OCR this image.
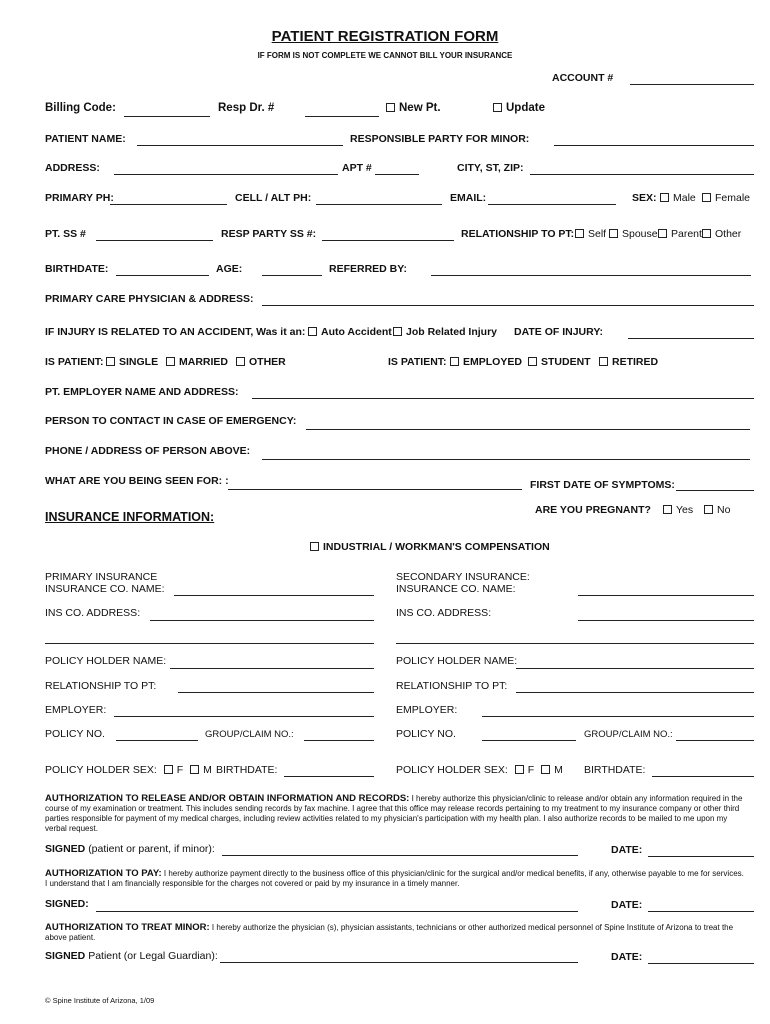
PATIENT REGISTRATION FORM
IF FORM IS NOT COMPLETE WE CANNOT BILL YOUR INSURANCE
ACCOUNT #
Billing Code:	Resp Dr. #	New Pt.	Update
PATIENT NAME:	RESPONSIBLE PARTY FOR MINOR:
ADDRESS:	APT #	CITY, ST, ZIP:
PRIMARY PH:	CELL / ALT PH:	EMAIL:	SEX:	Male	Female
PT. SS #	RESP PARTY SS #:	RELATIONSHIP TO PT:	Self	Spouse	Parent	Other
BIRTHDATE:	AGE:	REFERRED BY:
PRIMARY CARE PHYSICIAN & ADDRESS:
IF INJURY IS RELATED TO AN ACCIDENT, Was it an:	Auto Accident	Job Related Injury DATE OF INJURY:
IS PATIENT:	SINGLE	MARRIED	OTHER	IS PATIENT:	EMPLOYED	STUDENT	RETIRED
PT. EMPLOYER NAME AND ADDRESS:
PERSON TO CONTACT IN CASE OF EMERGENCY:
PHONE / ADDRESS OF PERSON ABOVE:
WHAT ARE YOU BEING SEEN FOR: :	FIRST DATE OF SYMPTOMS:
INSURANCE INFORMATION:	ARE YOU PREGNANT?	Yes	No
INDUSTRIAL / WORKMAN'S COMPENSATION
PRIMARY INSURANCE
INSURANCE CO. NAME:
INS CO. ADDRESS:
POLICY HOLDER NAME:
RELATIONSHIP TO PT:
EMPLOYER:
POLICY NO.	GROUP/CLAIM NO.:
POLICY HOLDER SEX: F M BIRTHDATE:
SECONDARY INSURANCE:
INSURANCE CO. NAME:
INS CO. ADDRESS:
POLICY HOLDER NAME:
RELATIONSHIP TO PT:
EMPLOYER:
POLICY NO.	GROUP/CLAIM NO.:
POLICY HOLDER SEX: F M BIRTHDATE:
AUTHORIZATION TO RELEASE AND/OR OBTAIN INFORMATION AND RECORDS: I hereby authorize this physician/clinic to release and/or obtain any information required in the course of my examination or treatment. This includes sending records by fax machine. I agree that this office may release records pertaining to my treatment to my insurance company or other third parties responsible for payment of my medical charges, including review activities related to my physician's participation with my health plan. I also authorize records to be mailed to me upon my verbal request.
SIGNED (patient or parent, if minor):	DATE:
AUTHORIZATION TO PAY: I hereby authorize payment directly to the business office of this physician/clinic for the surgical and/or medical benefits, if any, otherwise payable to me for services. I understand that I am financially responsible for the charges not covered or paid by my insurance in a timely manner.
SIGNED:	DATE:
AUTHORIZATION TO TREAT MINOR: I hereby authorize the physician (s), physician assistants, technicians or other authorized medical personnel of Spine Institute of Arizona to treat the above patient.
SIGNED Patient (or Legal Guardian):	DATE:
© Spine Institute of Arizona, 1/09
